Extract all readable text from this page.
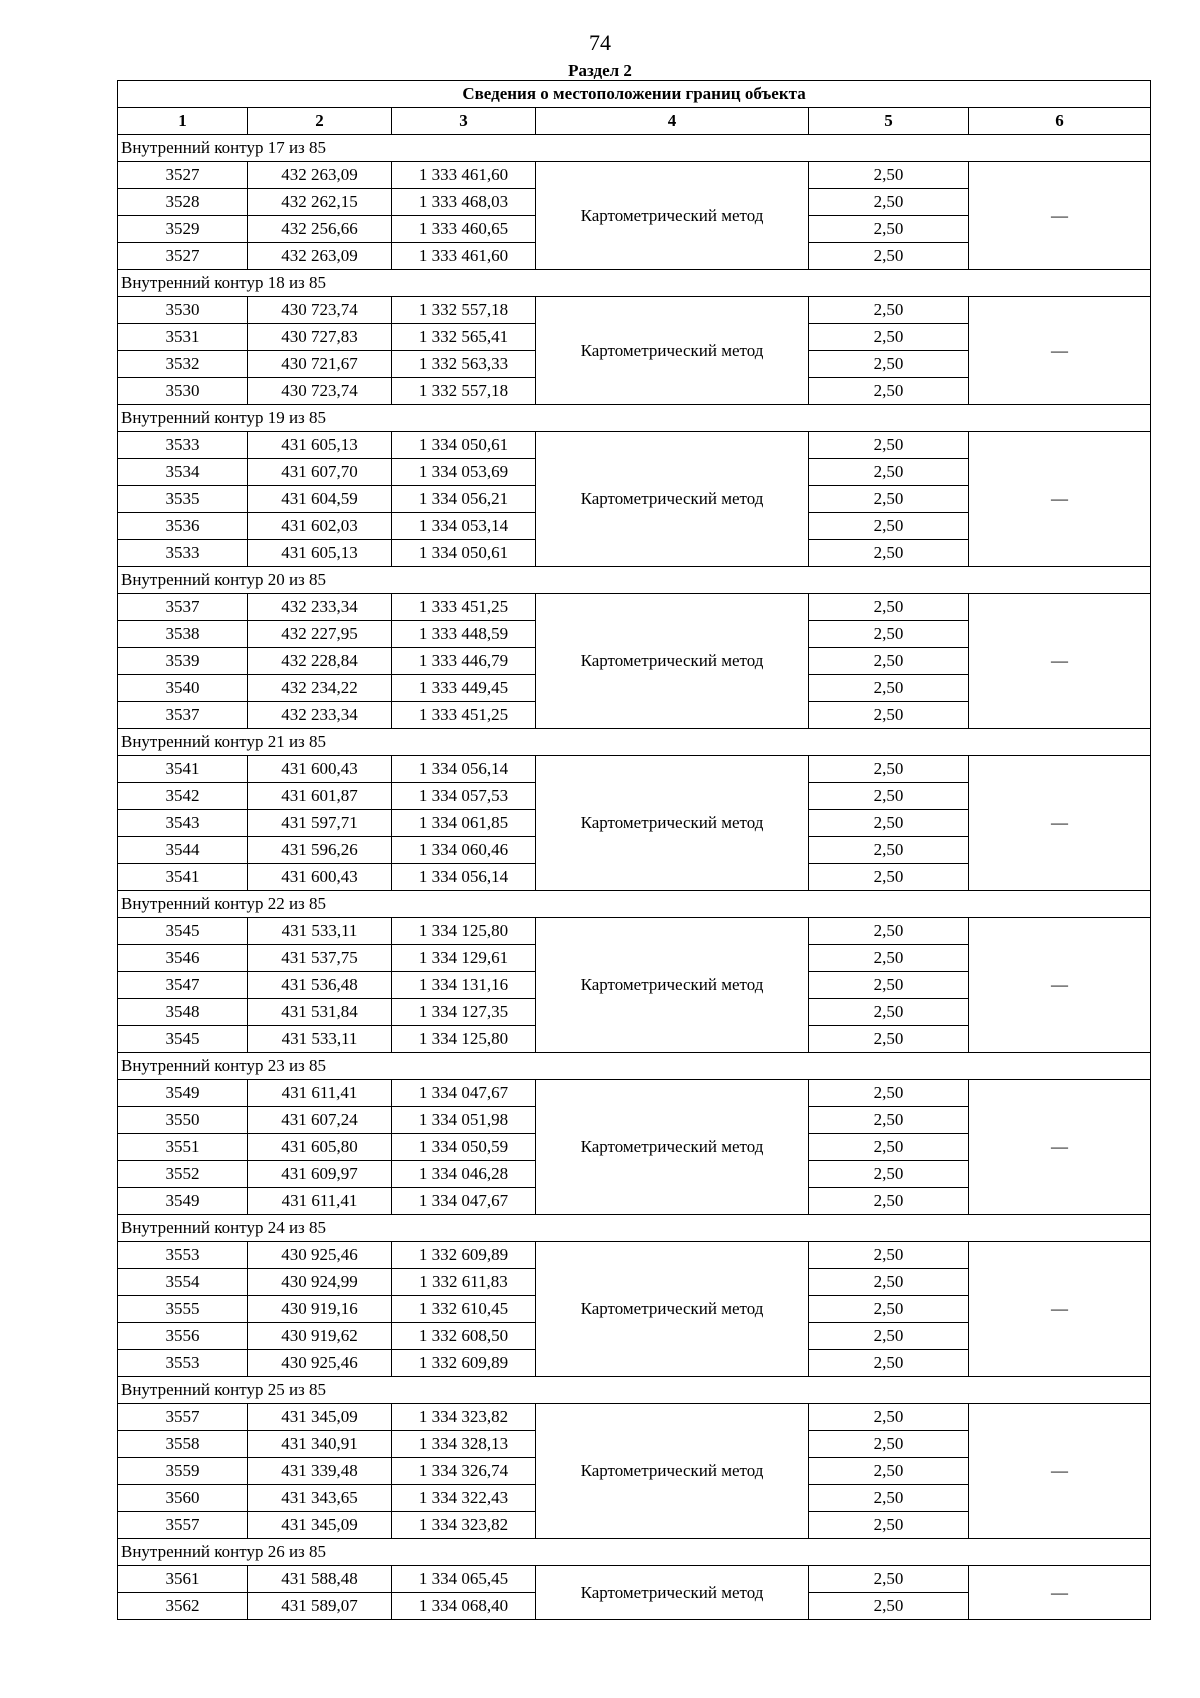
74
Раздел 2
Сведения о местоположении границ объекта					
1	2	3	4	5	6
Внутренний контур 17 из 85					
3527	432 263,09	1 333 461,60	Картометрический метод	2,50	—
3528	432 262,15	1 333 468,03		2,50	
3529	432 256,66	1 333 460,65		2,50	
3527	432 263,09	1 333 461,60		2,50	
Внутренний контур 18 из 85					
3530	430 723,74	1 332 557,18	Картометрический метод	2,50	—
3531	430 727,83	1 332 565,41		2,50	
3532	430 721,67	1 332 563,33		2,50	
3530	430 723,74	1 332 557,18		2,50	
Внутренний контур 19 из 85					
3533	431 605,13	1 334 050,61	Картометрический метод	2,50	—
3534	431 607,70	1 334 053,69		2,50	
3535	431 604,59	1 334 056,21		2,50	
3536	431 602,03	1 334 053,14		2,50	
3533	431 605,13	1 334 050,61		2,50	
Внутренний контур 20 из 85					
3537	432 233,34	1 333 451,25	Картометрический метод	2,50	—
3538	432 227,95	1 333 448,59		2,50	
3539	432 228,84	1 333 446,79		2,50	
3540	432 234,22	1 333 449,45		2,50	
3537	432 233,34	1 333 451,25		2,50	
Внутренний контур 21 из 85					
3541	431 600,43	1 334 056,14	Картометрический метод	2,50	—
3542	431 601,87	1 334 057,53		2,50	
3543	431 597,71	1 334 061,85		2,50	
3544	431 596,26	1 334 060,46		2,50	
3541	431 600,43	1 334 056,14		2,50	
Внутренний контур 22 из 85					
3545	431 533,11	1 334 125,80	Картометрический метод	2,50	—
3546	431 537,75	1 334 129,61		2,50	
3547	431 536,48	1 334 131,16		2,50	
3548	431 531,84	1 334 127,35		2,50	
3545	431 533,11	1 334 125,80		2,50	
Внутренний контур 23 из 85					
3549	431 611,41	1 334 047,67	Картометрический метод	2,50	—
3550	431 607,24	1 334 051,98		2,50	
3551	431 605,80	1 334 050,59		2,50	
3552	431 609,97	1 334 046,28		2,50	
3549	431 611,41	1 334 047,67		2,50	
Внутренний контур 24 из 85					
3553	430 925,46	1 332 609,89	Картометрический метод	2,50	—
3554	430 924,99	1 332 611,83		2,50	
3555	430 919,16	1 332 610,45		2,50	
3556	430 919,62	1 332 608,50		2,50	
3553	430 925,46	1 332 609,89		2,50	
Внутренний контур 25 из 85					
3557	431 345,09	1 334 323,82	Картометрический метод	2,50	—
3558	431 340,91	1 334 328,13		2,50	
3559	431 339,48	1 334 326,74		2,50	
3560	431 343,65	1 334 322,43		2,50	
3557	431 345,09	1 334 323,82		2,50	
Внутренний контур 26 из 85					
3561	431 588,48	1 334 065,45	Картометрический метод	2,50	—
3562	431 589,07	1 334 068,40		2,50	
